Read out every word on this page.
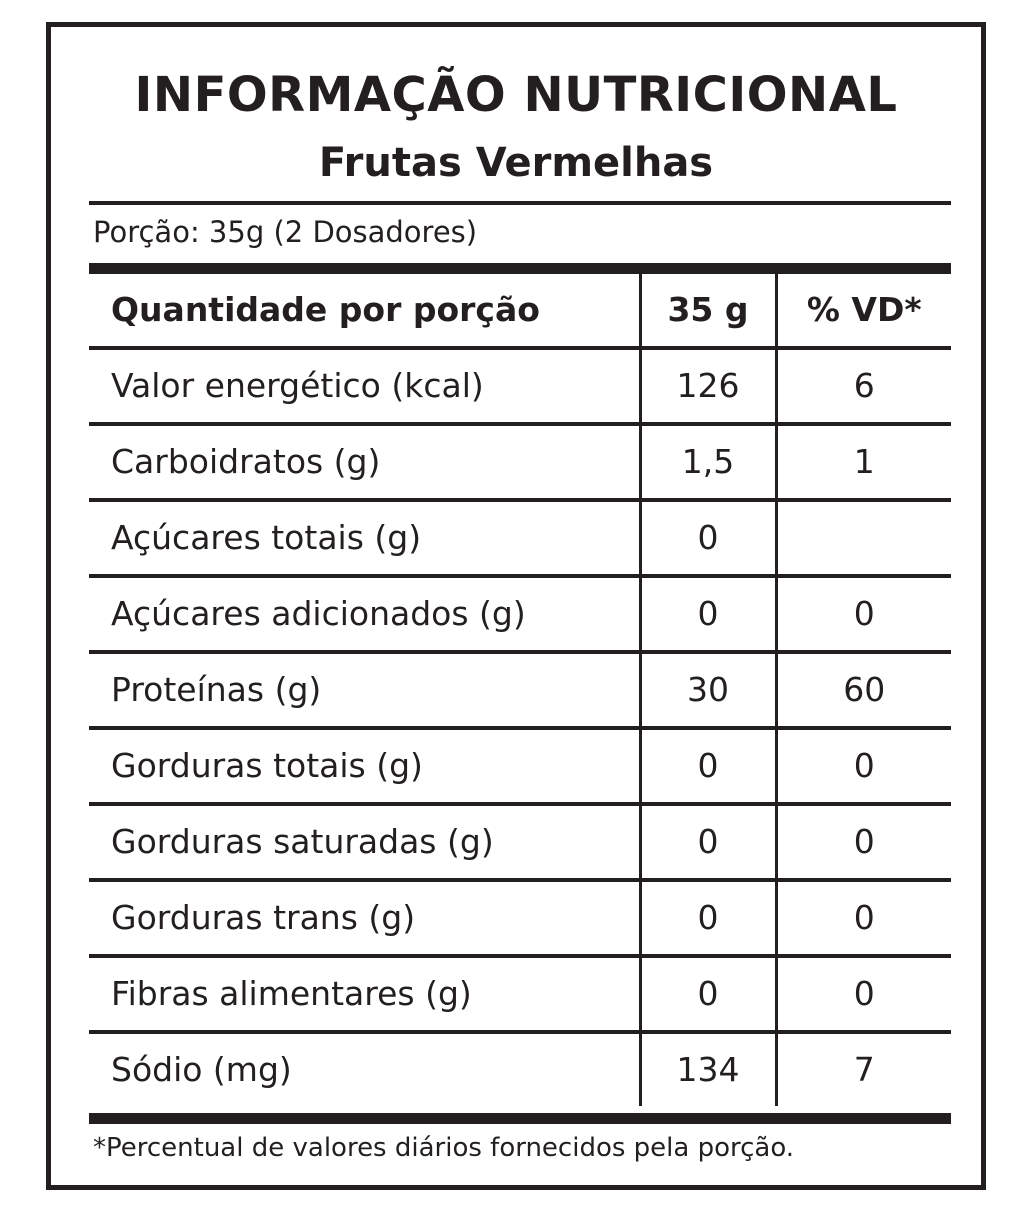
INFORMAÇÃO NUTRICIONAL
Frutas Vermelhas
Porção: 35g (2 Dosadores)
Quantidade por porção	35 g	% VD*
Valor energético (kcal)	126	6
Carboidratos (g)	1,5	1
Açúcares totais (g)	0	
Açúcares adicionados (g)	0	0
Proteínas (g)	30	60
Gorduras totais (g)	0	0
Gorduras saturadas (g)	0	0
Gorduras trans (g)	0	0
Fibras alimentares (g)	0	0
Sódio (mg)	134	7
*Percentual de valores diários fornecidos pela porção.
